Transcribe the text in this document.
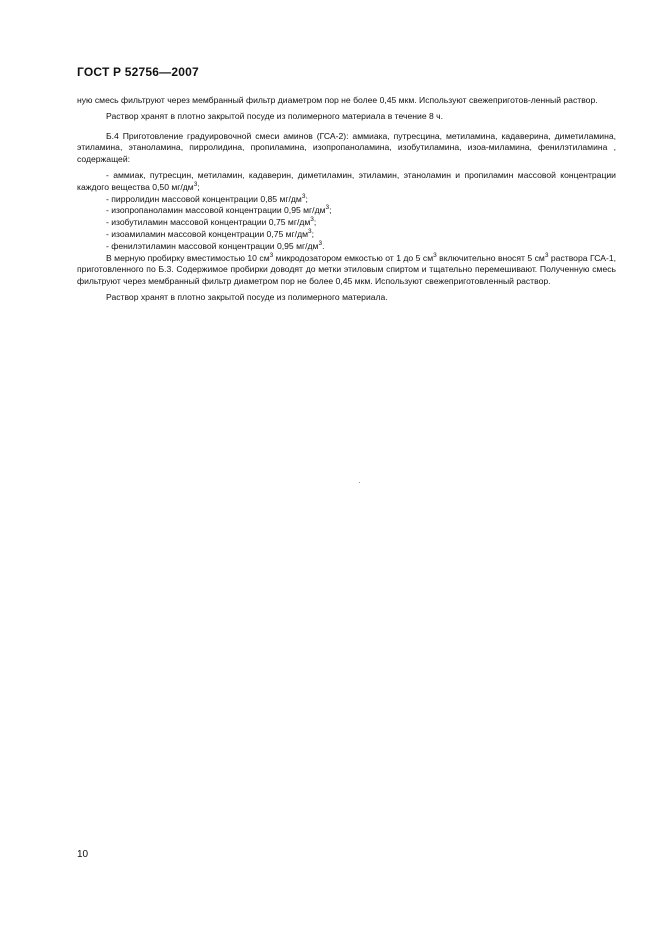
ГОСТ Р 52756—2007

ную смесь фильтруют через мембранный фильтр диаметром пор не более 0,45 мкм. Используют свежеприготов-ленный раствор.

Раствор хранят в плотно закрытой посуде из полимерного материала в течение 8 ч.

Б.4 Приготовление градуировочной смеси аминов (ГСА-2): аммиака, путресцина, метиламина, кадаверина, диметиламина, этиламина, этаноламина, пирролидина, пропиламина, изопропаноламина, изобутиламина, изоа-миламина, фенилэтиламина , содержащей:

- аммиак, путресцин, метиламин, кадаверин, диметиламин, этиламин, этаноламин и пропиламин массовой концентрации каждого вещества 0,50 $мг/дм^3$;

- пирролидин массовой концентрации 0,85 $мг/дм^3$;

- изопропаноламин массовой концентрации 0,95 $мг/дм^3$;

- изобутиламин массовой концентрации 0,75 $мг/дм^3$;

- изоамиламин массовой концентрации 0,75 $мг/дм^3$;

- фенилэтиламин массовой концентрации 0,95 $мг/дм^3$.

В мерную пробирку вместимостью 10 $см^3$ микродозатором емкостью от 1 до 5 $см^3$ включительно вносят 5 $см^3$ раствора ГСА-1, приготовленного по Б.3. Содержимое пробирки доводят до метки этиловым спиртом и тщательно перемешивают. Полученную смесь фильтруют через мембранный фильтр диаметром пор не более 0,45 мкм. Используют свежеприготовленный раствор.

Раствор хранят в плотно закрытой посуде из полимерного материала.

10
